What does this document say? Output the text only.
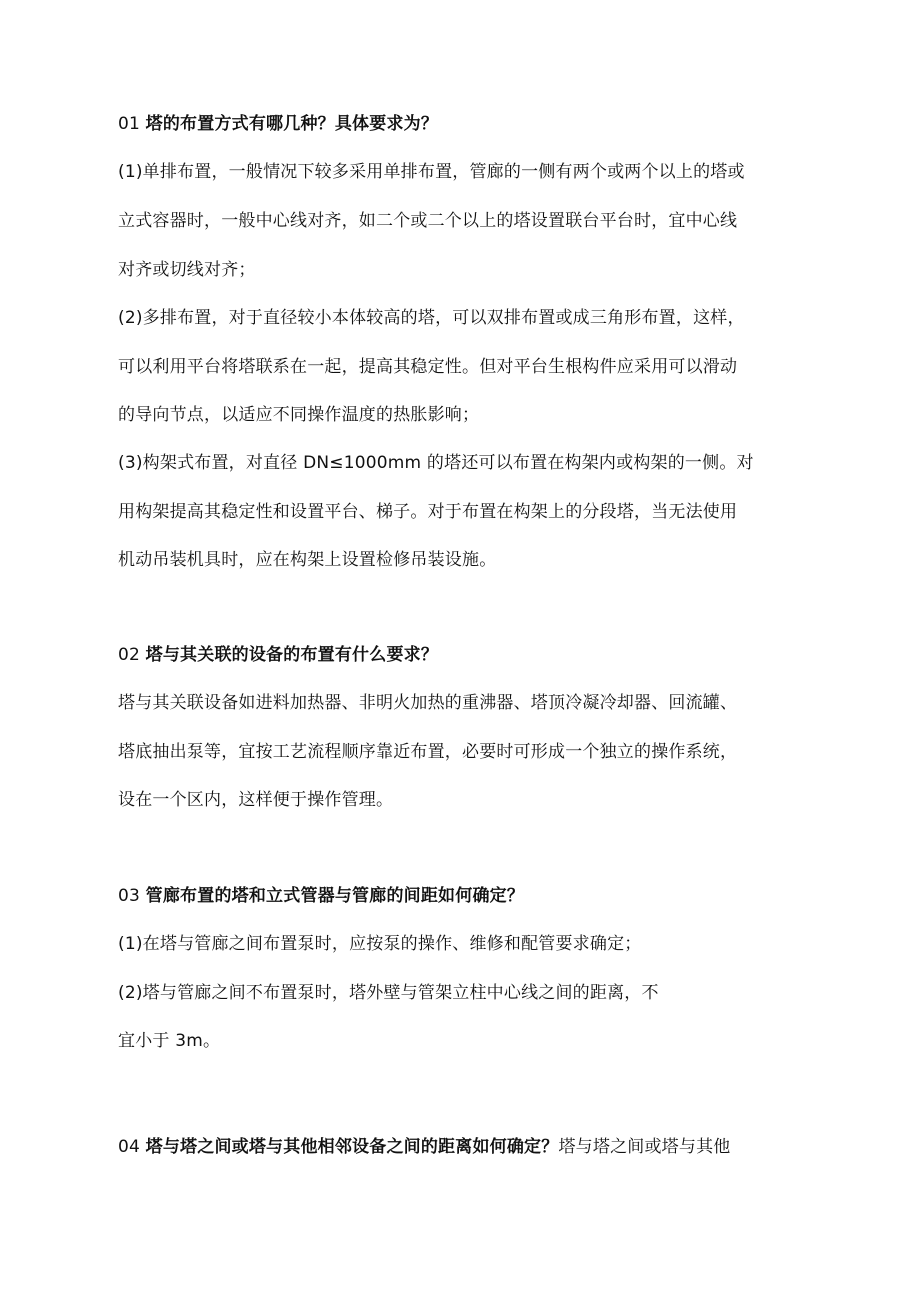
01 塔的布置方式有哪几种？具体要求为？
(1)单排布置，一般情况下较多采用单排布置，管廊的一侧有两个或两个以上的塔或
立式容器时，一般中心线对齐，如二个或二个以上的塔设置联台平台时，宜中心线
对齐或切线对齐；
(2)多排布置，对于直径较小本体较高的塔，可以双排布置或成三角形布置，这样，
可以利用平台将塔联系在一起，提高其稳定性。但对平台生根构件应采用可以滑动
的导向节点，以适应不同操作温度的热胀影响；
(3)构架式布置，对直径 DN≤1000mm 的塔还可以布置在构架内或构架的一侧。对
用构架提高其稳定性和设置平台、梯子。对于布置在构架上的分段塔，当无法使用
机动吊装机具时，应在构架上设置检修吊装设施。
02 塔与其关联的设备的布置有什么要求？
塔与其关联设备如进料加热器、非明火加热的重沸器、塔顶冷凝冷却器、回流罐、
塔底抽出泵等，宜按工艺流程顺序靠近布置，必要时可形成一个独立的操作系统，
设在一个区内，这样便于操作管理。
03 管廊布置的塔和立式管器与管廊的间距如何确定？
(1)在塔与管廊之间布置泵时，应按泵的操作、维修和配管要求确定；
(2)塔与管廊之间不布置泵时，塔外壁与管架立柱中心线之间的距离，不
宜小于 3m。
04 塔与塔之间或塔与其他相邻设备之间的距离如何确定？塔与塔之间或塔与其他
